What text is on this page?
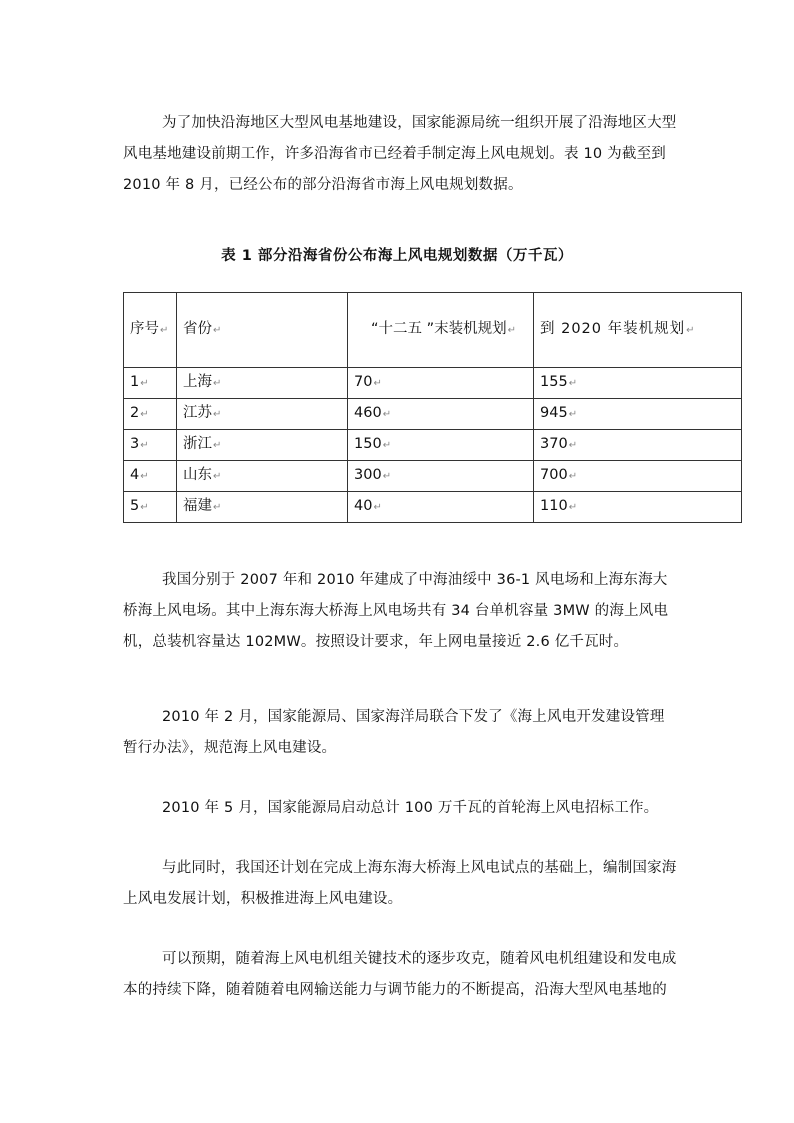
为了加快沿海地区大型风电基地建设，国家能源局统一组织开展了沿海地区大型风电基地建设前期工作，许多沿海省市已经着手制定海上风电规划。表 10 为截至到 2010 年 8 月，已经公布的部分沿海省市海上风电规划数据。

表 1 部分沿海省份公布海上风电规划数据（万千瓦）
序号↵	省份↵	“十二五 ”末装机规划↵	到 2020 年装机规划↵
1↵	上海↵	70↵	155↵
2↵	江苏↵	460↵	945↵
3↵	浙江↵	150↵	370↵
4↵	山东↵	300↵	700↵
5↵	福建↵	40↵	110↵

我国分别于 2007 年和 2010 年建成了中海油绥中 36-1 风电场和上海东海大桥海上风电场。其中上海东海大桥海上风电场共有 34 台单机容量 3MW 的海上风电机，总装机容量达 102MW。按照设计要求，年上网电量接近 2.6 亿千瓦时。

2010 年 2 月，国家能源局、国家海洋局联合下发了《海上风电开发建设管理暂行办法》，规范海上风电建设。

2010 年 5 月，国家能源局启动总计 100 万千瓦的首轮海上风电招标工作。

与此同时，我国还计划在完成上海东海大桥海上风电试点的基础上，编制国家海上风电发展计划，积极推进海上风电建设。

可以预期，随着海上风电机组关键技术的逐步攻克，随着风电机组建设和发电成本的持续下降，随着随着电网输送能力与调节能力的不断提高，沿海大型风电基地的
